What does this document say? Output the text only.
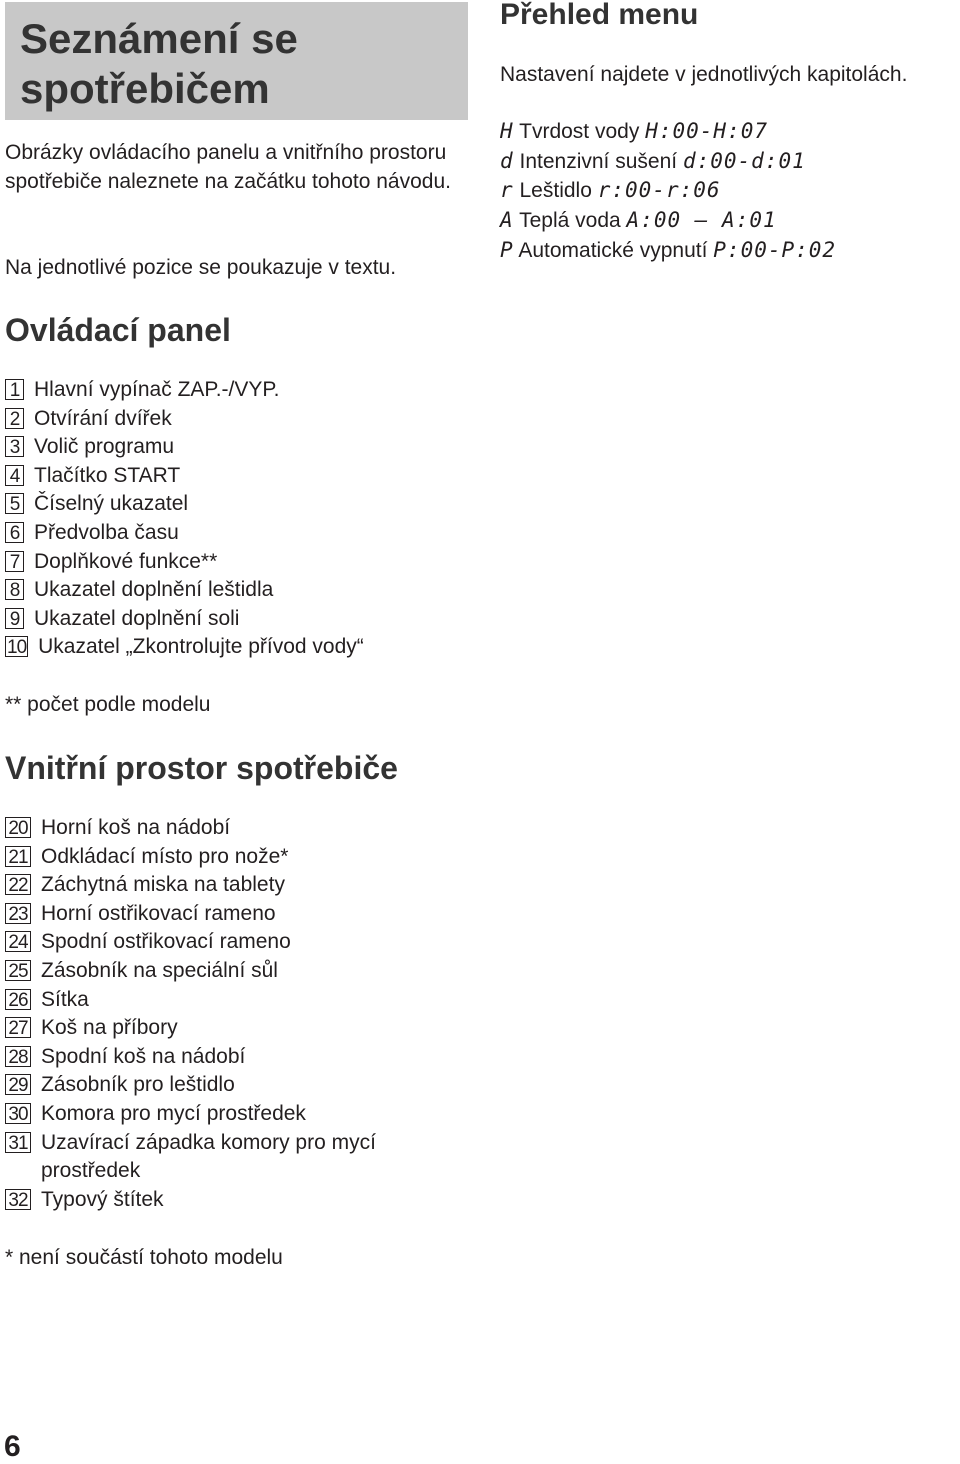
Seznámení se
spotřebičem

Obrázky ovládacího panelu a vnitřního prostoru spotřebiče naleznete na začátku tohoto návodu.

Na jednotlivé pozice se poukazuje v textu.

Přehled menu

Nastavení najdete v jednotlivých kapitolách.

H Tvrdost vody H:00-H:07
d Intenzivní sušení d:00-d:01
r Leštidlo r:00-r:06
A Teplá voda A:00 – A:01
P Automatické vypnutí P:00-P:02
Ovládací panel
1 Hlavní vypínač ZAP.-/VYP.
2 Otvírání dvířek
3 Volič programu
4 Tlačítko START
5 Číselný ukazatel
6 Předvolba času
7 Doplňkové funkce**
8 Ukazatel doplnění leštidla
9 Ukazatel doplnění soli
10 Ukazatel „Zkontrolujte přívod vody“

** počet podle modelu

Vnitřní prostor spotřebiče
20 Horní koš na nádobí
21 Odkládací místo pro nože*
22 Záchytná miska na tablety
23 Horní ostřikovací rameno
24 Spodní ostřikovací rameno
25 Zásobník na speciální sůl
26 Sítka
27 Koš na příbory
28 Spodní koš na nádobí
29 Zásobník pro leštidlo
30 Komora pro mycí prostředek
31 Uzavírací západka komory pro mycí prostředek
32 Typový štítek

* není součástí tohoto modelu

6
